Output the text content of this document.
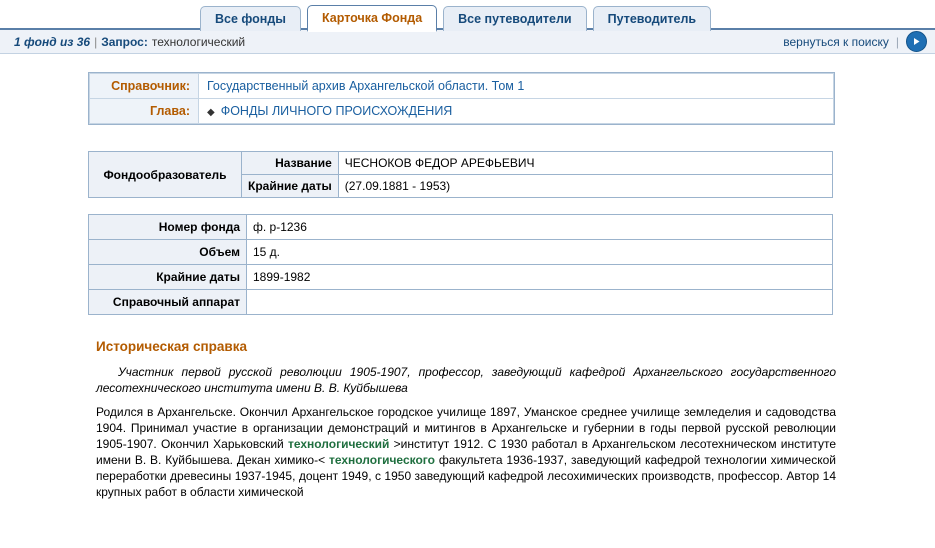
Все фонды	Карточка Фонда	Все путеводители	Путеводитель
1 фонд из 36 | Запрос: технологический	вернуться к поиску |
Справочник:	Государственный архив Архангельской области. Том 1
Глава:	◆ ФОНДЫ ЛИЧНОГО ПРОИСХОЖДЕНИЯ
Фондообразователь	Название	ЧЕСНОКОВ ФЕДОР АРЕФЬЕВИЧ
	Крайние даты	(27.09.1881 - 1953)
Номер фонда	ф. р-1236
Объем	15 д.
Крайние даты	1899-1982
Справочный аппарат	
Историческая справка

Участник первой русской революции 1905-1907, профессор, заведующий кафедрой Архангельского государственного лесотехнического института имени В. В. Куйбышева

Родился в Архангельске. Окончил Архангельское городское училище 1897, Уманское среднее училище земледелия и садоводства 1904. Принимал участие в организации демонстраций и митингов в Архангельске и губернии в годы первой русской революции 1905-1907. Окончил Харьковский технологический >институт 1912. С 1930 работал в Архангельском лесотехническом институте имени В. В. Куйбышева. Декан химико-< технологического факультета 1936-1937, заведующий кафедрой технологии химической переработки древесины 1937-1945, доцент 1949, с 1950 заведующий кафедрой лесохимических производств, профессор. Автор 14 крупных работ в области химической
